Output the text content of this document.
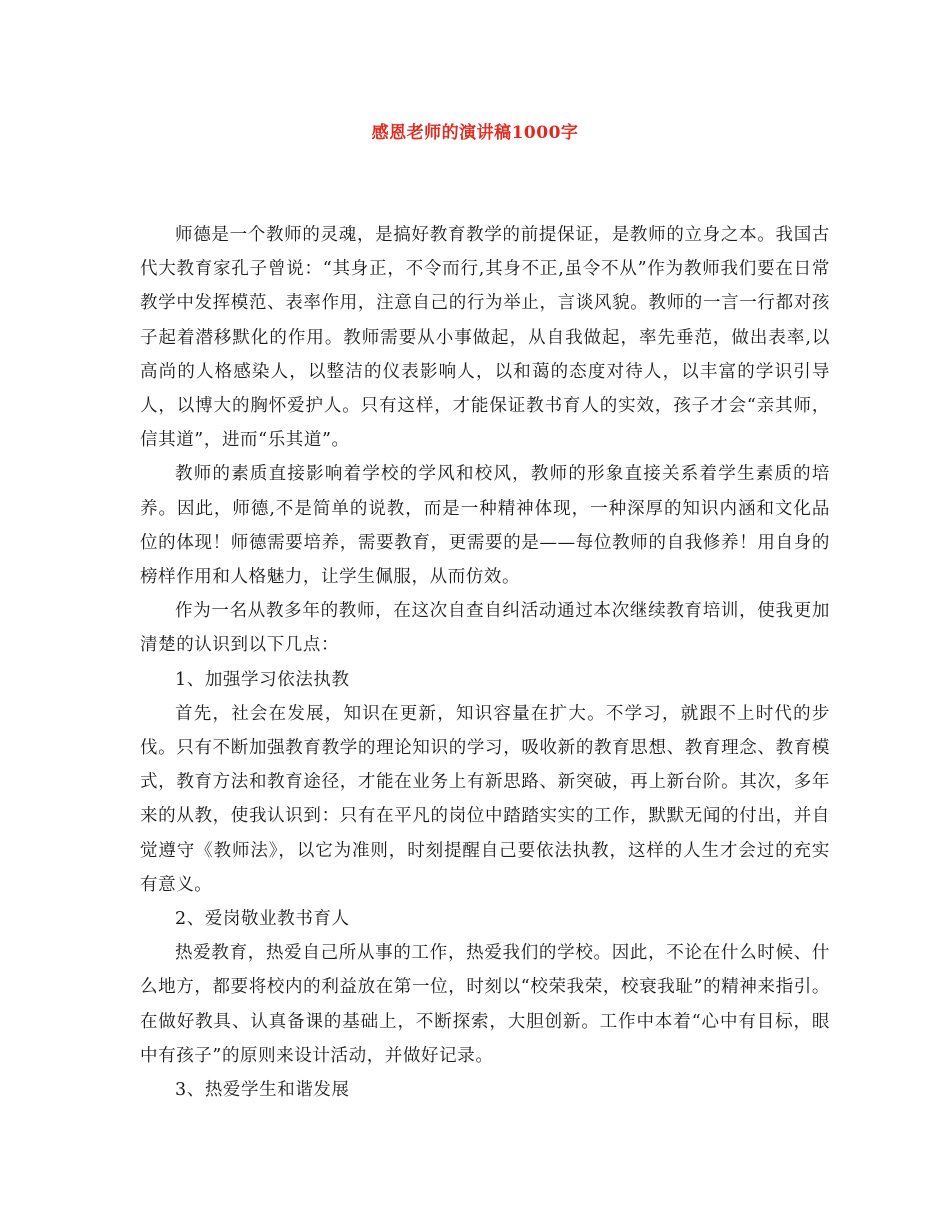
感恩老师的演讲稿1000字

师德是一个教师的灵魂，是搞好教育教学的前提保证，是教师的立身之本。我国古代大教育家孔子曾说：“其身正，不令而行,其身不正,虽令不从”作为教师我们要在日常教学中发挥模范、表率作用，注意自己的行为举止，言谈风貌。教师的一言一行都对孩子起着潜移默化的作用。教师需要从小事做起，从自我做起，率先垂范，做出表率,以高尚的人格感染人，以整洁的仪表影响人，以和蔼的态度对待人，以丰富的学识引导人，以博大的胸怀爱护人。只有这样，才能保证教书育人的实效，孩子才会“亲其师，信其道”，进而“乐其道”。

教师的素质直接影响着学校的学风和校风，教师的形象直接关系着学生素质的培养。因此，师德,不是简单的说教，而是一种精神体现，一种深厚的知识内涵和文化品位的体现！师德需要培养，需要教育，更需要的是——每位教师的自我修养！用自身的榜样作用和人格魅力，让学生佩服，从而仿效。

作为一名从教多年的教师，在这次自查自纠活动通过本次继续教育培训，使我更加清楚的认识到以下几点：

1、加强学习依法执教

首先，社会在发展，知识在更新，知识容量在扩大。不学习，就跟不上时代的步伐。只有不断加强教育教学的理论知识的学习，吸收新的教育思想、教育理念、教育模式，教育方法和教育途径，才能在业务上有新思路、新突破，再上新台阶。其次，多年来的从教，使我认识到：只有在平凡的岗位中踏踏实实的工作，默默无闻的付出，并自觉遵守《教师法》，以它为准则，时刻提醒自己要依法执教，这样的人生才会过的充实有意义。

2、爱岗敬业教书育人

热爱教育，热爱自己所从事的工作，热爱我们的学校。因此，不论在什么时候、什么地方，都要将校内的利益放在第一位，时刻以“校荣我荣，校衰我耻”的精神来指引。在做好教具、认真备课的基础上，不断探索，大胆创新。工作中本着“心中有目标，眼中有孩子”的原则来设计活动，并做好记录。

3、热爱学生和谐发展
